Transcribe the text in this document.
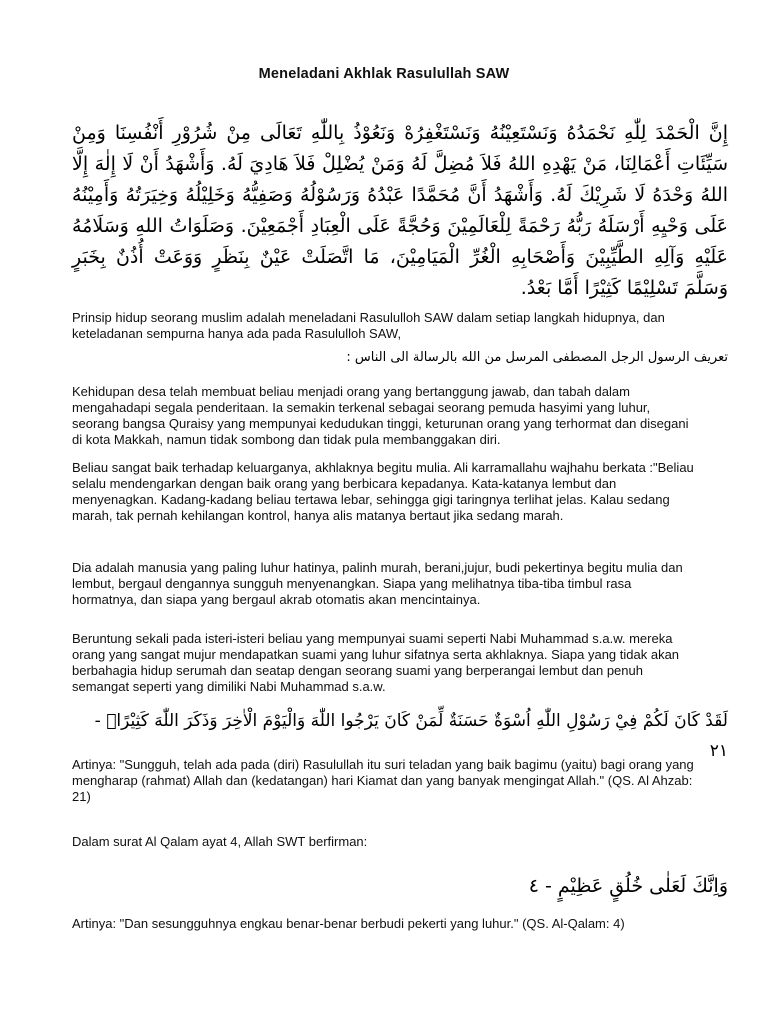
Meneladani Akhlak Rasulullah SAW
إِنَّ الْحَمْدَ لِلّٰهِ نَحْمَدُهُ وَنَسْتَعِيْنُهُ وَنَسْتَغْفِرُهْ وَنَعُوْذُ بِاللّٰهِ تَعَالَى مِنْ شُرُوْرِ أَنْفُسِنَا وَمِنْ سَيِّئَاتِ أَعْمَالِنَا، مَنْ يَهْدِهِ اللهُ فَلاَ مُضِلَّ لَهُ وَمَنْ يُضْلِلْ فَلاَ هَادِيَ لَهُ. وَأَشْهَدُ أَنْ لَا إِلٰهَ إِلَّا اللهُ وَحْدَهُ لَا شَرِيْكَ لَهُ. وَأَشْهَدُ أَنَّ مُحَمَّدًا عَبْدُهُ وَرَسُوْلُهُ وَصَفِيُّهُ وَخَلِيْلُهُ وَخِيَرَتُهُ وَأَمِيْنُهُ عَلَى وَحْيِهِ أَرْسَلَهُ رَبُّهُ رَحْمَةً لِلْعَالَمِيْنَ وَحُجَّةً عَلَى الْعِبَادِ أَجْمَعِيْنَ. وَصَلَوَاتُ اللهِ وَسَلَامُهُ عَلَيْهِ وَآلِهِ الطَّيِّبِيْنَ وَأَصْحَابِهِ الْغُرِّ الْمَيَامِيْنَ، مَا اتَّصَلَتْ عَيْنٌ بِنَظَرٍ وَوَعَتْ أُذُنٌ بِخَبَرٍ وَسَلَّمَ تَسْلِيْمًا كَثِيْرًا أَمَّا بَعْدُ.
Prinsip hidup seorang muslim adalah meneladani Rasululloh SAW dalam setiap langkah hidupnya, dan keteladanan sempurna hanya ada pada Rasululloh SAW,
تعريف الرسول الرجل المصطفى المرسل من الله بالرسالة الى الناس :
Kehidupan desa telah membuat beliau menjadi orang yang bertanggung jawab, dan tabah dalam mengahadapi segala penderitaan. Ia semakin terkenal sebagai seorang pemuda hasyimi yang luhur, seorang bangsa Quraisy yang mempunyai kedudukan tinggi, keturunan orang yang terhormat dan disegani di kota Makkah, namun tidak sombong dan tidak pula membanggakan diri.
Beliau sangat baik terhadap keluarganya, akhlaknya begitu mulia. Ali karramallahu wajhahu berkata :"Beliau selalu mendengarkan dengan baik orang yang berbicara kepadanya. Kata-katanya lembut dan menyenagkan. Kadang-kadang beliau tertawa lebar, sehingga gigi taringnya terlihat jelas. Kalau sedang marah, tak pernah kehilangan kontrol, hanya alis matanya bertaut jika sedang marah.
Dia adalah manusia yang paling luhur hatinya, palinh murah, berani,jujur, budi pekertinya begitu mulia dan lembut, bergaul dengannya sungguh menyenangkan. Siapa yang melihatnya tiba-tiba timbul rasa hormatnya, dan siapa yang bergaul akrab otomatis akan mencintainya.
Beruntung sekali pada isteri-isteri beliau yang mempunyai suami seperti Nabi Muhammad s.a.w. mereka orang yang sangat mujur mendapatkan suami yang luhur sifatnya serta akhlaknya. Siapa yang tidak akan berbahagia hidup serumah dan seatap dengan seorang suami yang berperangai lembut dan penuh semangat seperti yang dimiliki Nabi Muhammad s.a.w.
لَقَدْ كَانَ لَكُمْ فِيْ رَسُوْلِ اللّٰهِ اُسْوَةٌ حَسَنَةٌ لِّمَنْ كَانَ يَرْجُوا اللّٰهَ وَالْيَوْمَ الْاٰخِرَ وَذَكَرَ اللّٰهَ كَثِيْرًاۗ - ٢١
Artinya: "Sungguh, telah ada pada (diri) Rasulullah itu suri teladan yang baik bagimu (yaitu) bagi orang yang mengharap (rahmat) Allah dan (kedatangan) hari Kiamat dan yang banyak mengingat Allah." (QS. Al Ahzab: 21)
Dalam surat Al Qalam ayat 4, Allah SWT berfirman:
وَاِنَّكَ لَعَلٰى خُلُقٍ عَظِيْمٍ - ٤
Artinya: "Dan sesungguhnya engkau benar-benar berbudi pekerti yang luhur." (QS. Al-Qalam: 4)
